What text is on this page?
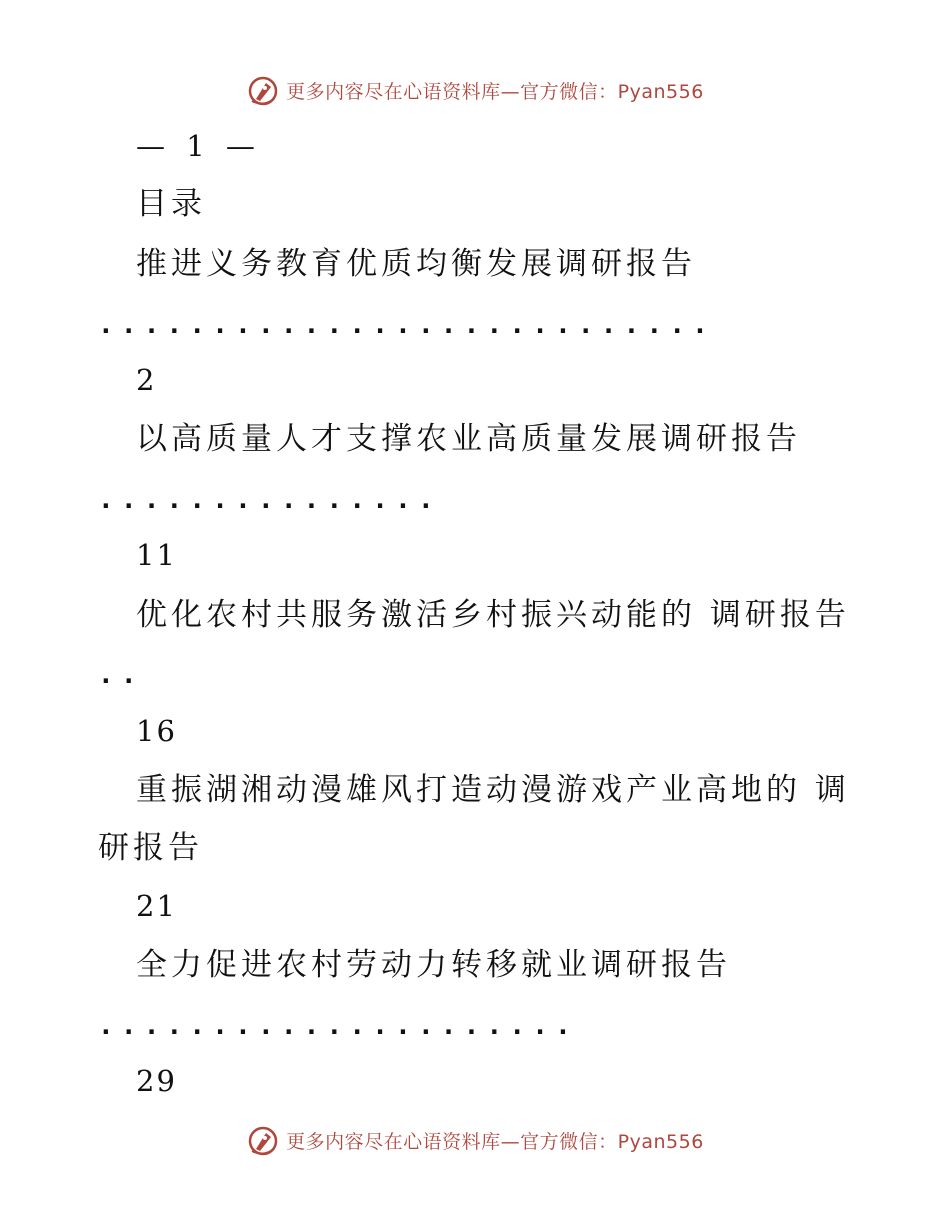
更多内容尽在心语资料库—官方微信：Pyan556
— 1 —
目录
推进义务教育优质均衡发展调研报告
...........................
2
以高质量人才支撑农业高质量发展调研报告
...............
11
优化农村共服务激活乡村振兴动能的 调研报告
..
16
重振湖湘动漫雄风打造动漫游戏产业高地的 调
研报告
21
全力促进农村劳动力转移就业调研报告
.....................
29
更多内容尽在心语资料库—官方微信：Pyan556
